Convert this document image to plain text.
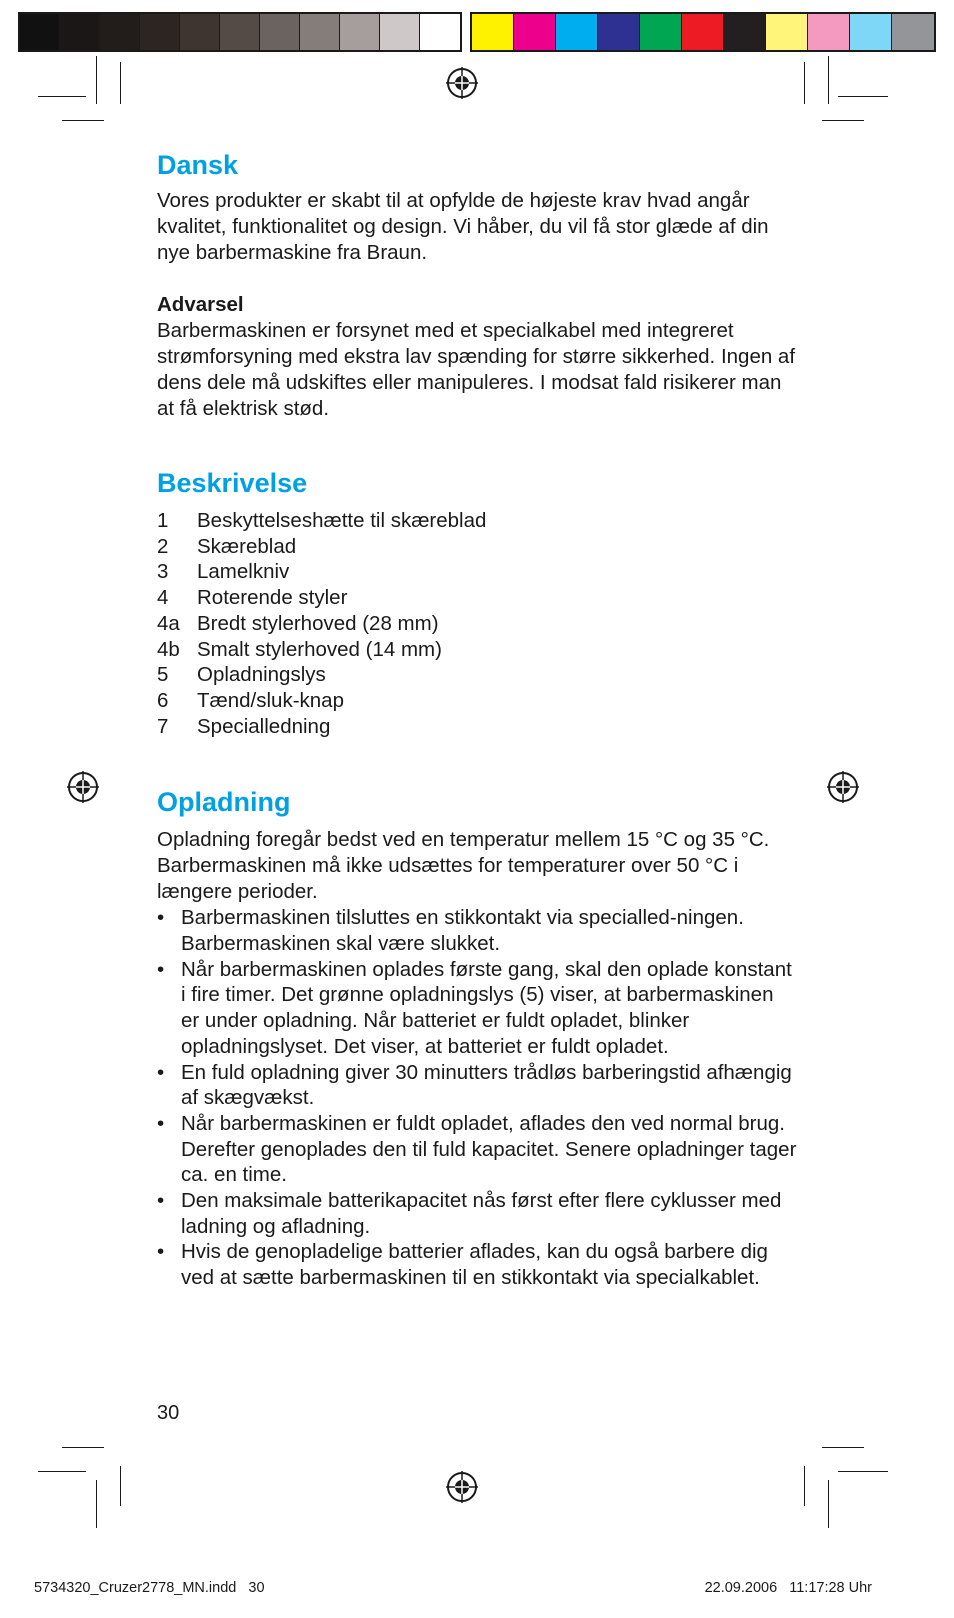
Dansk

Vores produkter er skabt til at opfylde de højeste krav hvad angår kvalitet, funktionalitet og design. Vi håber, du vil få stor glæde af din nye barbermaskine fra Braun.

Advarsel

Barbermaskinen er forsynet med et specialkabel med integreret strømforsyning med ekstra lav spænding for større sikkerhed. Ingen af dens dele må udskiftes eller manipuleres. I modsat fald risikerer man at få elektrisk stød.

Beskrivelse
1	Beskyttelseshætte til skæreblad
2	Skæreblad
3	Lamelkniv
4	Roterende styler
4a Bredt stylerhoved (28 mm)
4b Smalt stylerhoved (14 mm)
5	Opladningslys
6	Tænd/sluk-knap
7	Specialledning
Opladning

Opladning foregår bedst ved en temperatur mellem 15 °C og 35 °C. Barbermaskinen må ikke udsættes for temperaturer over 50 °C i længere perioder.

• Barbermaskinen tilsluttes en stikkontakt via specialled-ningen. Barbermaskinen skal være slukket.
• Når barbermaskinen oplades første gang, skal den oplade konstant i fire timer. Det grønne opladningslys (5) viser, at barbermaskinen er under opladning. Når batteriet er fuldt opladet, blinker opladningslyset. Det viser, at batteriet er fuldt opladet.
• En fuld opladning giver 30 minutters trådløs barberingstid afhængig af skægvækst.
• Når barbermaskinen er fuldt opladet, aflades den ved normal brug. Derefter genoplades den til fuld kapacitet. Senere opladninger tager ca. en time.
• Den maksimale batterikapacitet nås først efter flere cyklusser med ladning og afladning.
• Hvis de genopladelige batterier aflades, kan du også barbere dig ved at sætte barbermaskinen til en stikkontakt via specialkablet.
30
5734320_Cruzer2778_MN.indd   30	22.09.2006   11:17:28 Uhr
